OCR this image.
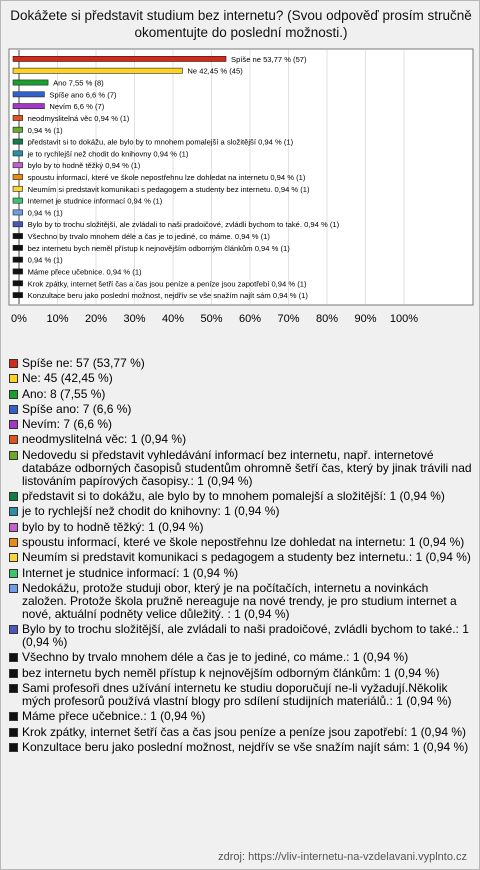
Dokážete si představit studium bez internetu? (Svou odpověď prosím stručně okomentujte do poslední možnosti.)
0% 10% 20% 30% 40% 50% 60% 70% 80% 90% 100%
Spíše ne 53,77 % (57)
Ne 42,45 % (45)
Ano 7,55 % (8)
Spíše ano 6,6 % (7)
Nevím 6,6 % (7)
neodmyslitelná věc 0,94 % (1)
0,94 % (1)
představit si to dokážu, ale bylo by to mnohem pomalejší a složitější 0,94 % (1)
je to rychlejší než chodit do knihovny 0,94 % (1)
bylo by to hodně těžký 0,94 % (1)
spoustu informací, které ve škole nepostřehnu lze dohledat na internetu 0,94 % (1)
Neumím si predstavit komunikaci s pedagogem a studenty bez internetu. 0,94 % (1)
Internet je studnice informací 0,94 % (1)
0,94 % (1)
Bylo by to trochu složitější, ale zvládali to naši pradoičové, zvládli bychom to také. 0,94 % (1)
Všechno by trvalo mnohem déle a čas je to jediné, co máme. 0,94 % (1)
bez internetu bych neměl přístup k nejnovějším odborným článkům 0,94 % (1)
0,94 % (1)
Máme přece učebnice. 0,94 % (1)
Krok zpátky, internet šetří čas a čas jsou peníze a peníze jsou zapotřebí 0,94 % (1)
Konzultace beru jako poslední možnost, nejdřív se vše snažím najít sám 0,94 % (1)
Spíše ne: 57 (53,77 %)
Ne: 45 (42,45 %)
Ano: 8 (7,55 %)
Spíše ano: 7 (6,6 %)
Nevím: 7 (6,6 %)
neodmyslitelná věc: 1 (0,94 %)
Nedovedu si představit vyhledávání informací bez internetu, např. internetové databáze odborných časopisů studentům ohromně šetří čas, který by jinak trávili nad listováním papírových časopisy.: 1 (0,94 %)
představit si to dokážu, ale bylo by to mnohem pomalejší a složitější: 1 (0,94 %)
je to rychlejší než chodit do knihovny: 1 (0,94 %)
bylo by to hodně těžký: 1 (0,94 %)
spoustu informací, které ve škole nepostřehnu lze dohledat na internetu: 1 (0,94 %)
Neumím si predstavit komunikaci s pedagogem a studenty bez internetu.: 1 (0,94 %)
Internet je studnice informací: 1 (0,94 %)
Nedokážu, protože studuji obor, který je na počítačích, internetu a novinkách založen. Protože škola pružně nereaguje na nové trendy, je pro studium internet a nové, aktuální podněty velice důležitý. : 1 (0,94 %)
Bylo by to trochu složitější, ale zvládali to naši pradoičové, zvládli bychom to také.: 1 (0,94 %)
Všechno by trvalo mnohem déle a čas je to jediné, co máme.: 1 (0,94 %)
bez internetu bych neměl přístup k nejnovějším odborným článkům: 1 (0,94 %)
Sami profesoři dnes užívání internetu ke studiu doporučují ne-li vyžadují.Několik mých profesorů používá vlastní blogy pro sdílení studijních materiálů.: 1 (0,94 %)
Máme přece učebnice.: 1 (0,94 %)
Krok zpátky, internet šetří čas a čas jsou peníze a peníze jsou zapotřebí: 1 (0,94 %)
Konzultace beru jako poslední možnost, nejdřív se vše snažím najít sám: 1 (0,94 %)
zdroj: https://vliv-internetu-na-vzdelavani.vyplnto.cz
